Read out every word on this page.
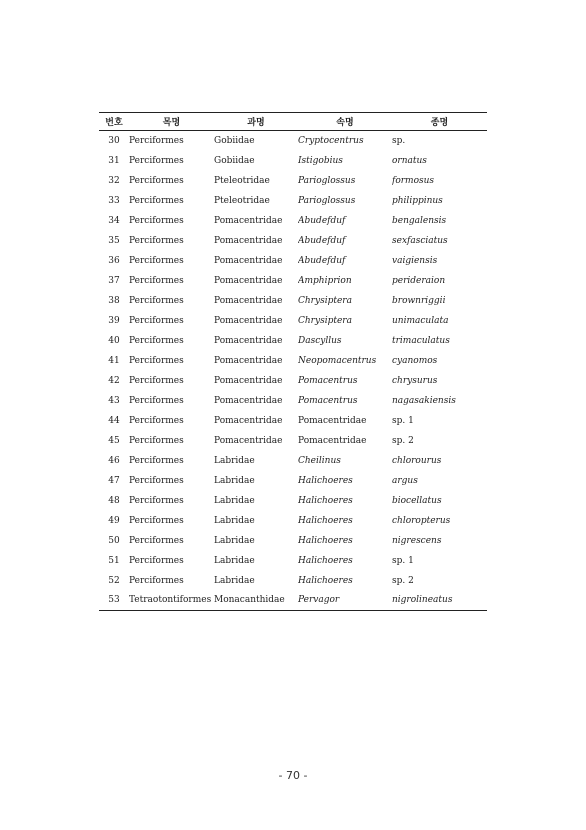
번호	목명	과명	속명	종명
30	Perciformes	Gobiidae	Cryptocentrus	sp.
31	Perciformes	Gobiidae	Istigobius	ornatus
32	Perciformes	Pteleotridae	Parioglossus	formosus
33	Perciformes	Pteleotridae	Parioglossus	philippinus
34	Perciformes	Pomacentridae	Abudefduf	bengalensis
35	Perciformes	Pomacentridae	Abudefduf	sexfasciatus
36	Perciformes	Pomacentridae	Abudefduf	vaigiensis
37	Perciformes	Pomacentridae	Amphiprion	perideraion
38	Perciformes	Pomacentridae	Chrysiptera	brownriggii
39	Perciformes	Pomacentridae	Chrysiptera	unimaculata
40	Perciformes	Pomacentridae	Dascyllus	trimaculatus
41	Perciformes	Pomacentridae	Neopomacentrus	cyanomos
42	Perciformes	Pomacentridae	Pomacentrus	chrysurus
43	Perciformes	Pomacentridae	Pomacentrus	nagasakiensis
44	Perciformes	Pomacentridae	Pomacentridae	sp. 1
45	Perciformes	Pomacentridae	Pomacentridae	sp. 2
46	Perciformes	Labridae	Cheilinus	chlorourus
47	Perciformes	Labridae	Halichoeres	argus
48	Perciformes	Labridae	Halichoeres	biocellatus
49	Perciformes	Labridae	Halichoeres	chloropterus
50	Perciformes	Labridae	Halichoeres	nigrescens
51	Perciformes	Labridae	Halichoeres	sp. 1
52	Perciformes	Labridae	Halichoeres	sp. 2
53	Tetraotontiformes	Monacanthidae	Pervagor	nigrolineatus
- 70 -
